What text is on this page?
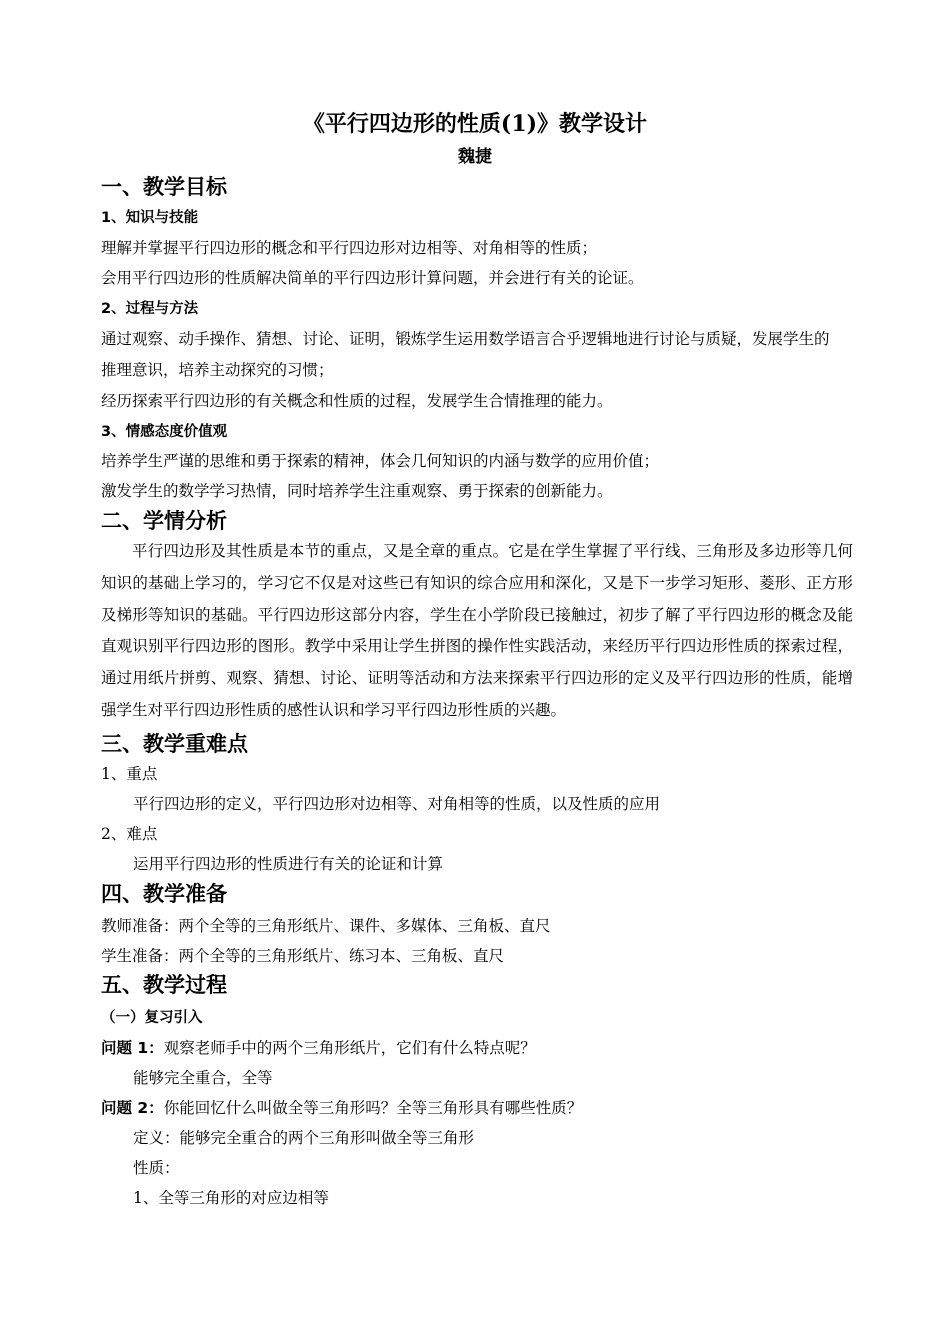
《平行四边形的性质(1)》教学设计
魏捷
一、教学目标
1、知识与技能
理解并掌握平行四边形的概念和平行四边形对边相等、对角相等的性质；
会用平行四边形的性质解决简单的平行四边形计算问题，并会进行有关的论证。
2、过程与方法
通过观察、动手操作、猜想、讨论、证明，锻炼学生运用数学语言合乎逻辑地进行讨论与质疑，发展学生的
推理意识，培养主动探究的习惯；
经历探索平行四边形的有关概念和性质的过程，发展学生合情推理的能力。
3、情感态度价值观
培养学生严谨的思维和勇于探索的精神，体会几何知识的内涵与数学的应用价值；
激发学生的数学学习热情，同时培养学生注重观察、勇于探索的创新能力。
二、学情分析
平行四边形及其性质是本节的重点，又是全章的重点。它是在学生掌握了平行线、三角形及多边形等几何知识的基础上学习的，学习它不仅是对这些已有知识的综合应用和深化，又是下一步学习矩形、菱形、正方形及梯形等知识的基础。平行四边形这部分内容，学生在小学阶段已接触过，初步了解了平行四边形的概念及能直观识别平行四边形的图形。教学中采用让学生拼图的操作性实践活动，来经历平行四边形性质的探索过程，通过用纸片拼剪、观察、猜想、讨论、证明等活动和方法来探索平行四边形的定义及平行四边形的性质，能增强学生对平行四边形性质的感性认识和学习平行四边形性质的兴趣。
三、教学重难点
1、重点
平行四边形的定义，平行四边形对边相等、对角相等的性质，以及性质的应用
2、难点
运用平行四边形的性质进行有关的论证和计算
四、教学准备
教师准备：两个全等的三角形纸片、课件、多媒体、三角板、直尺
学生准备：两个全等的三角形纸片、练习本、三角板、直尺
五、教学过程
（一）复习引入
问题 1：观察老师手中的两个三角形纸片，它们有什么特点呢？
能够完全重合，全等
问题 2：你能回忆什么叫做全等三角形吗？全等三角形具有哪些性质？
定义：能够完全重合的两个三角形叫做全等三角形
性质：
1、全等三角形的对应边相等
